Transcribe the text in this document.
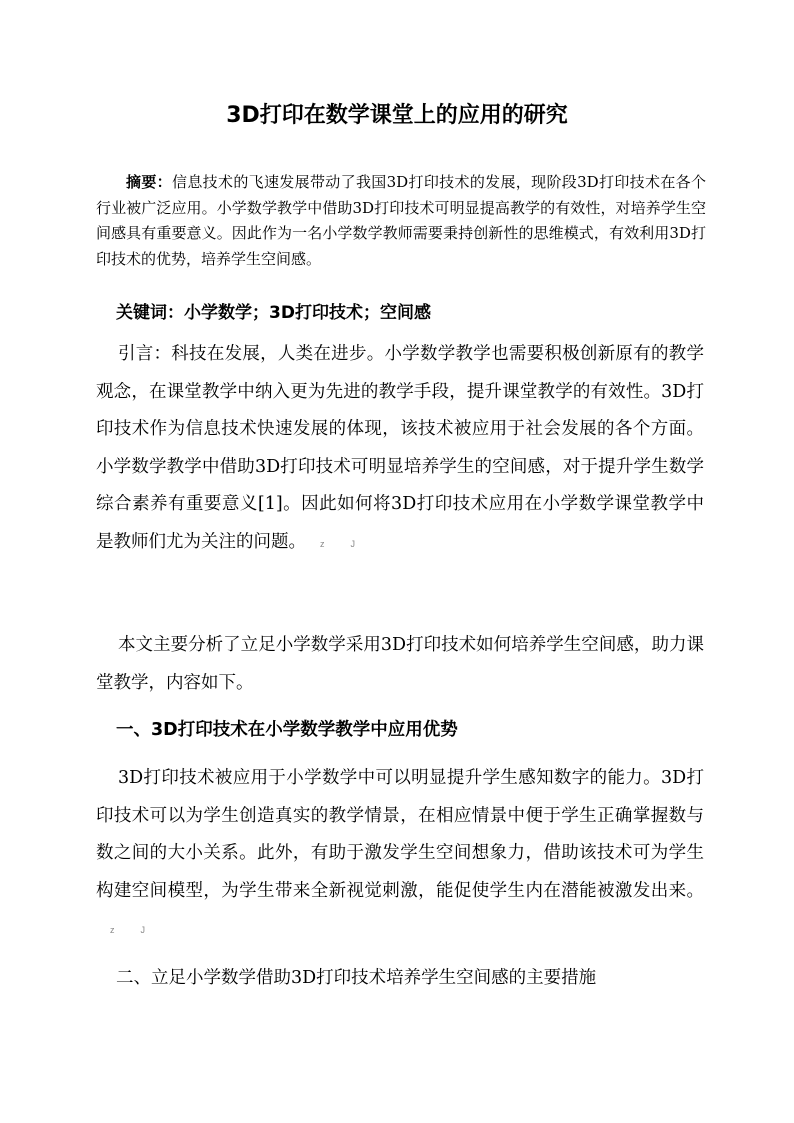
3D打印在数学课堂上的应用的研究

摘要：信息技术的飞速发展带动了我国3D打印技术的发展，现阶段3D打印技术在各个行业被广泛应用。小学数学教学中借助3D打印技术可明显提高教学的有效性，对培养学生空间感具有重要意义。因此作为一名小学数学教师需要秉持创新性的思维模式，有效利用3D打印技术的优势，培养学生空间感。

关键词：小学数学；3D打印技术；空间感

引言：科技在发展，人类在进步。小学数学教学也需要积极创新原有的教学观念，在课堂教学中纳入更为先进的教学手段，提升课堂教学的有效性。3D打印技术作为信息技术快速发展的体现，该技术被应用于社会发展的各个方面。小学数学教学中借助3D打印技术可明显培养学生的空间感，对于提升学生数学综合素养有重要意义[1]。因此如何将3D打印技术应用在小学数学课堂教学中是教师们尤为关注的问题。 z	J

本文主要分析了立足小学数学采用3D打印技术如何培养学生空间感，助力课堂教学，内容如下。

一、3D打印技术在小学数学教学中应用优势

3D打印技术被应用于小学数学中可以明显提升学生感知数字的能力。3D打印技术可以为学生创造真实的教学情景，在相应情景中便于学生正确掌握数与数之间的大小关系。此外，有助于激发学生空间想象力，借助该技术可为学生构建空间模型，为学生带来全新视觉刺激，能促使学生内在潜能被激发出来。z	J

二、立足小学数学借助3D打印技术培养学生空间感的主要措施
